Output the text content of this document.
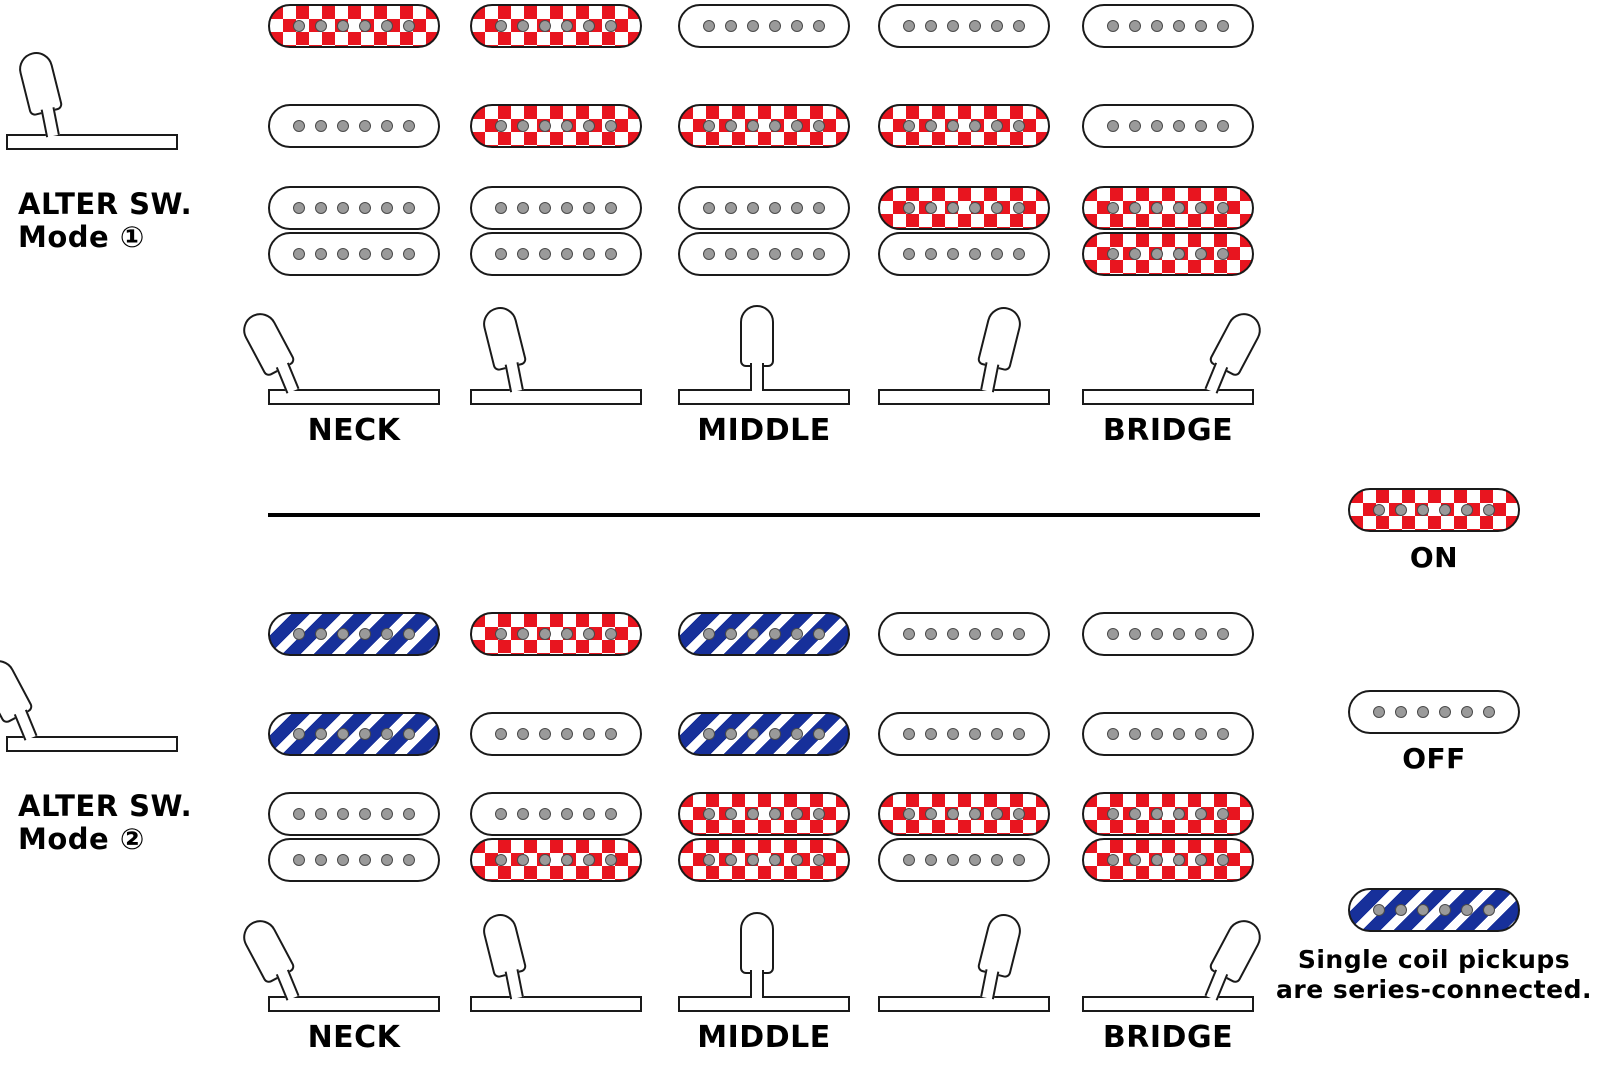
NECK	MIDDLE	BRIDGE
ALTER SW.
Mode ①
NECK	MIDDLE	BRIDGE
ALTER SW.
Mode ②
ON
OFF
Single coil pickups
are series-connected.
